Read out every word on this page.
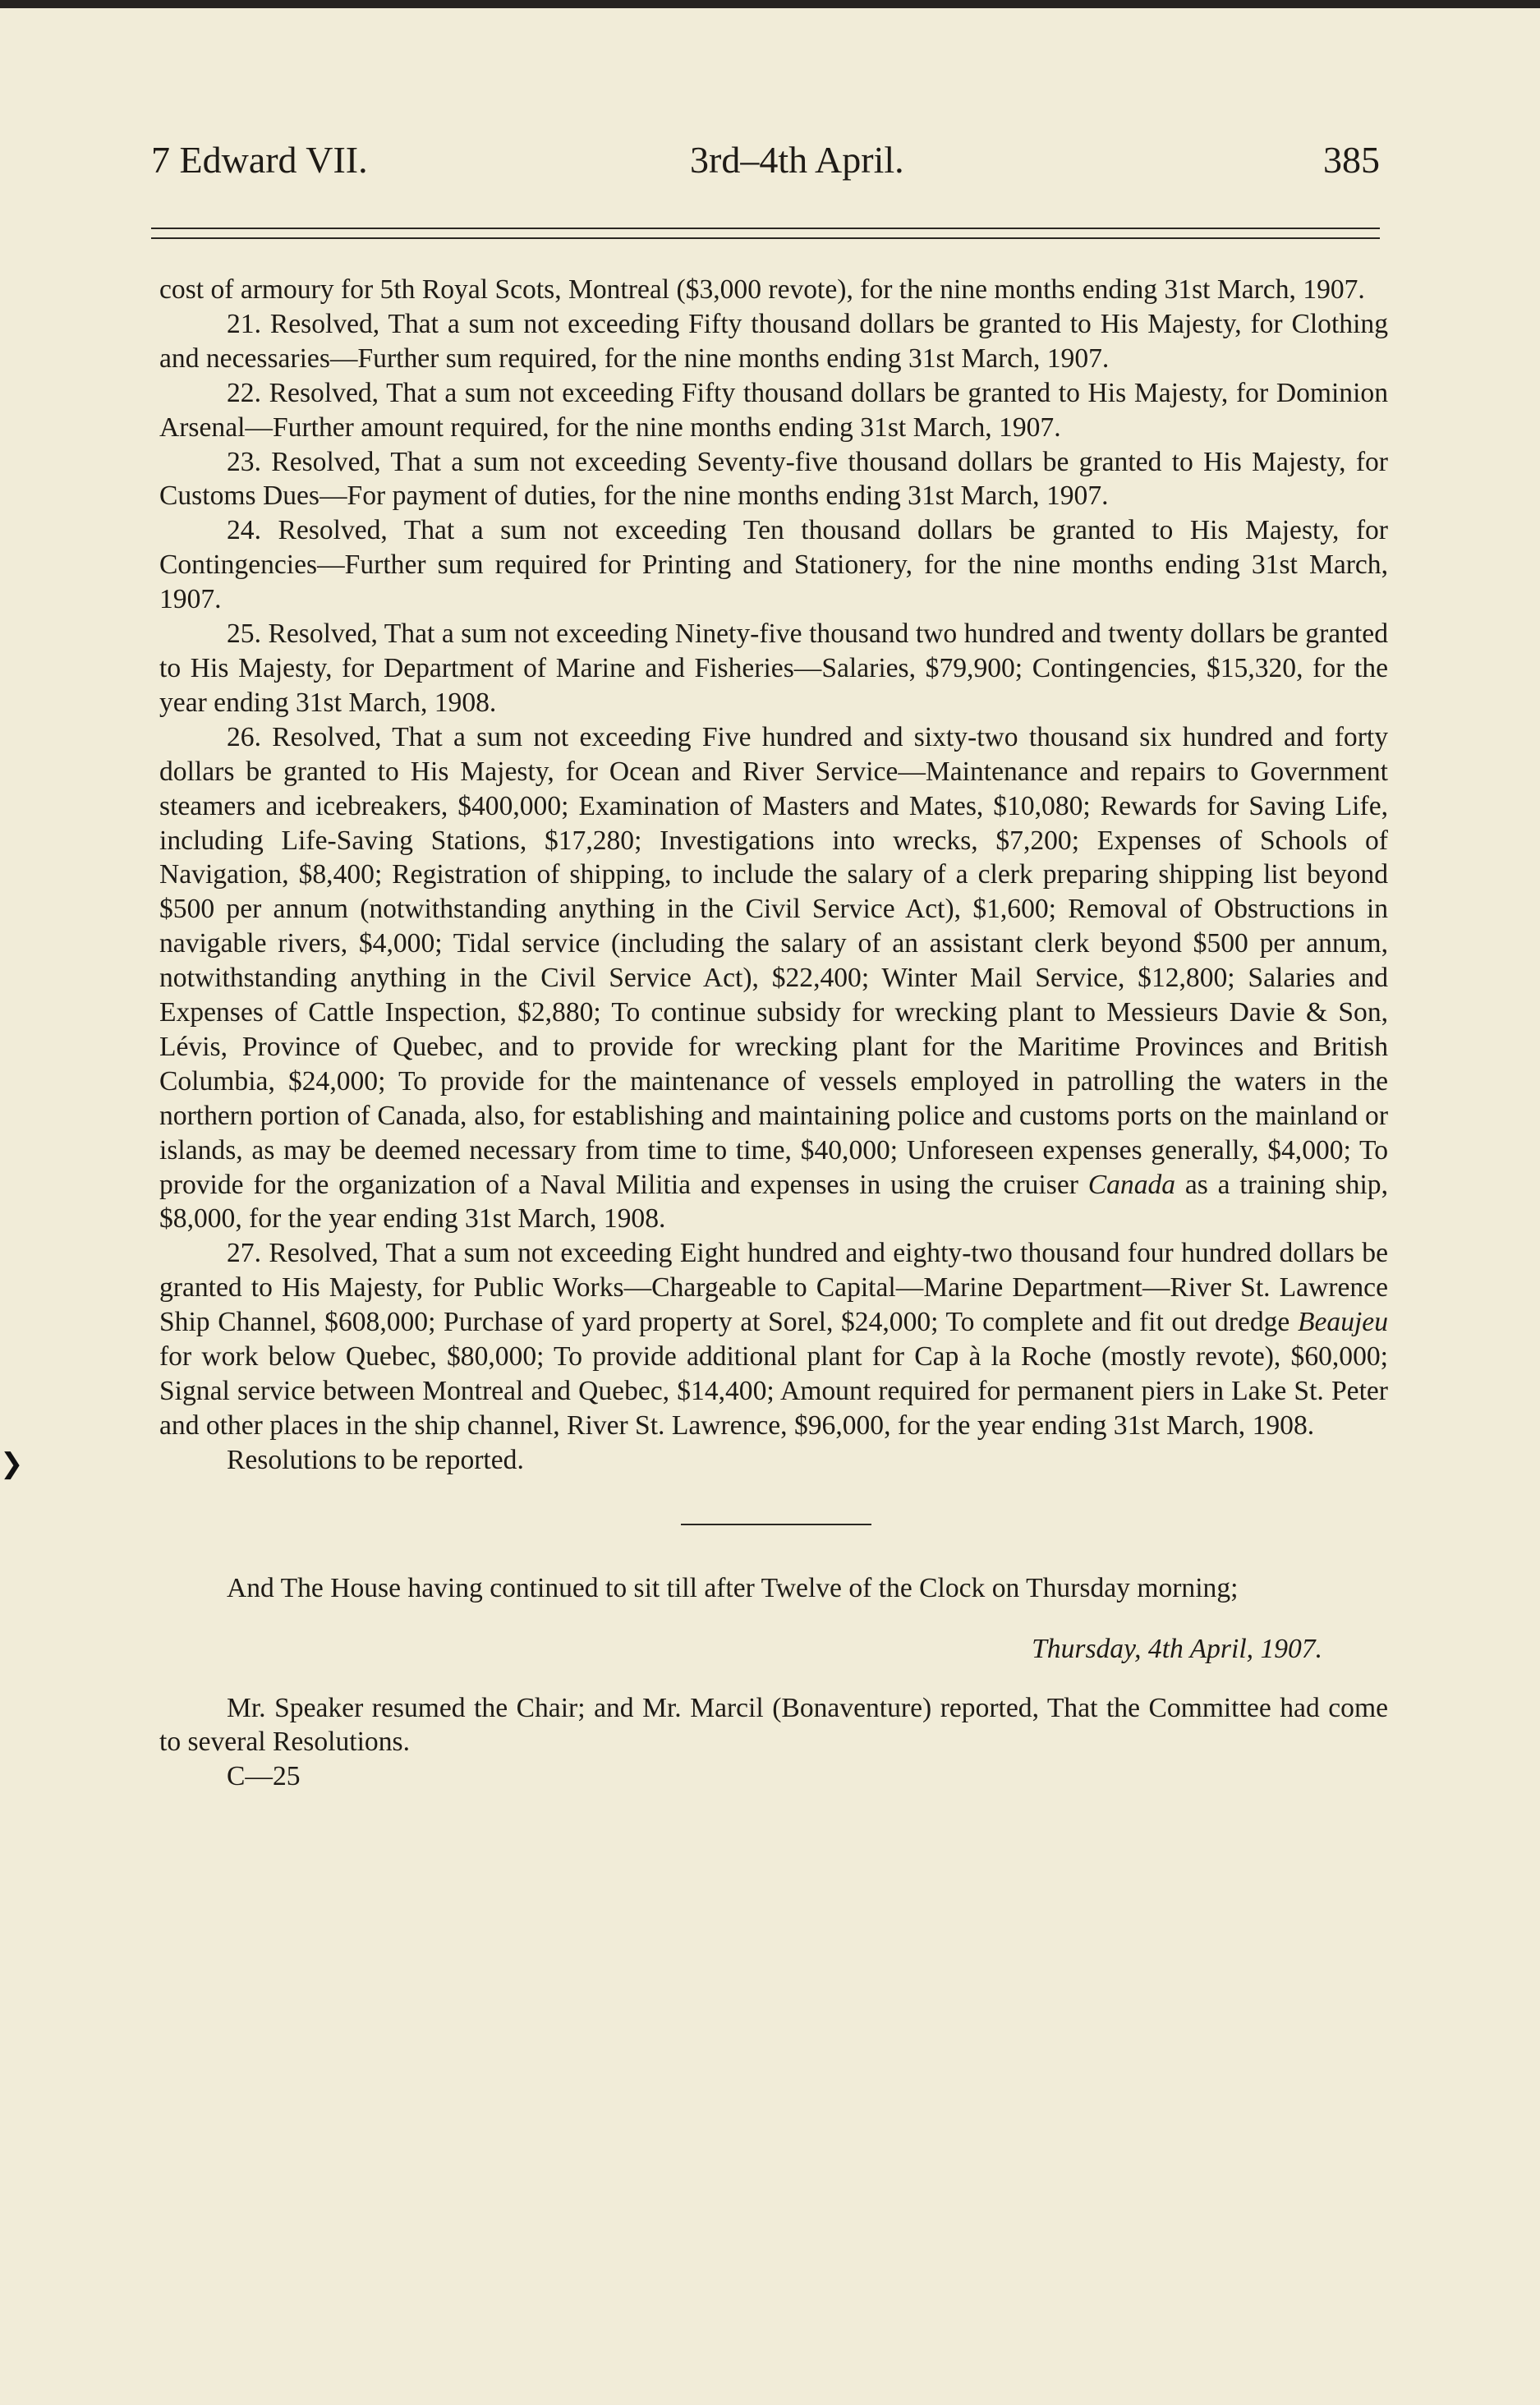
7 Edward VII.	3rd–4th April.	385

cost of armoury for 5th Royal Scots, Montreal ($3,000 revote), for the nine months ending 31st March, 1907.

21. Resolved, That a sum not exceeding Fifty thousand dollars be granted to His Majesty, for Clothing and necessaries—Further sum required, for the nine months ending 31st March, 1907.

22. Resolved, That a sum not exceeding Fifty thousand dollars be granted to His Majesty, for Dominion Arsenal—Further amount required, for the nine months ending 31st March, 1907.

23. Resolved, That a sum not exceeding Seventy-five thousand dollars be granted to His Majesty, for Customs Dues—For payment of duties, for the nine months ending 31st March, 1907.

24. Resolved, That a sum not exceeding Ten thousand dollars be granted to His Majesty, for Contingencies—Further sum required for Printing and Stationery, for the nine months ending 31st March, 1907.

25. Resolved, That a sum not exceeding Ninety-five thousand two hundred and twenty dollars be granted to His Majesty, for Department of Marine and Fisheries—Salaries, $79,900; Contingencies, $15,320, for the year ending 31st March, 1908.

26. Resolved, That a sum not exceeding Five hundred and sixty-two thousand six hundred and forty dollars be granted to His Majesty, for Ocean and River Service—Maintenance and repairs to Government steamers and icebreakers, $400,000; Examination of Masters and Mates, $10,080; Rewards for Saving Life, including Life-Saving Stations, $17,280; Investigations into wrecks, $7,200; Expenses of Schools of Navigation, $8,400; Registration of shipping, to include the salary of a clerk preparing shipping list beyond $500 per annum (notwithstanding anything in the Civil Service Act), $1,600; Removal of Obstructions in navigable rivers, $4,000; Tidal service (including the salary of an assistant clerk beyond $500 per annum, notwithstanding anything in the Civil Service Act), $22,400; Winter Mail Service, $12,800; Salaries and Expenses of Cattle Inspection, $2,880; To continue subsidy for wrecking plant to Messieurs Davie & Son, Lévis, Province of Quebec, and to provide for wrecking plant for the Maritime Provinces and British Columbia, $24,000; To provide for the maintenance of vessels employed in patrolling the waters in the northern portion of Canada, also, for establishing and maintaining police and customs ports on the mainland or islands, as may be deemed necessary from time to time, $40,000; Unforeseen expenses generally, $4,000; To provide for the organization of a Naval Militia and expenses in using the cruiser Canada as a training ship, $8,000, for the year ending 31st March, 1908.

27. Resolved, That a sum not exceeding Eight hundred and eighty-two thousand four hundred dollars be granted to His Majesty, for Public Works—Chargeable to Capital—Marine Department—River St. Lawrence Ship Channel, $608,000; Purchase of yard property at Sorel, $24,000; To complete and fit out dredge Beaujeu for work below Quebec, $80,000; To provide additional plant for Cap à la Roche (mostly revote), $60,000; Signal service between Montreal and Quebec, $14,400; Amount required for permanent piers in Lake St. Peter and other places in the ship channel, River St. Lawrence, $96,000, for the year ending 31st March, 1908.

Resolutions to be reported.

And The House having continued to sit till after Twelve of the Clock on Thursday morning;

Thursday, 4th April, 1907.

Mr. Speaker resumed the Chair; and Mr. Marcil (Bonaventure) reported, That the Committee had come to several Resolutions.

C—25

❯
